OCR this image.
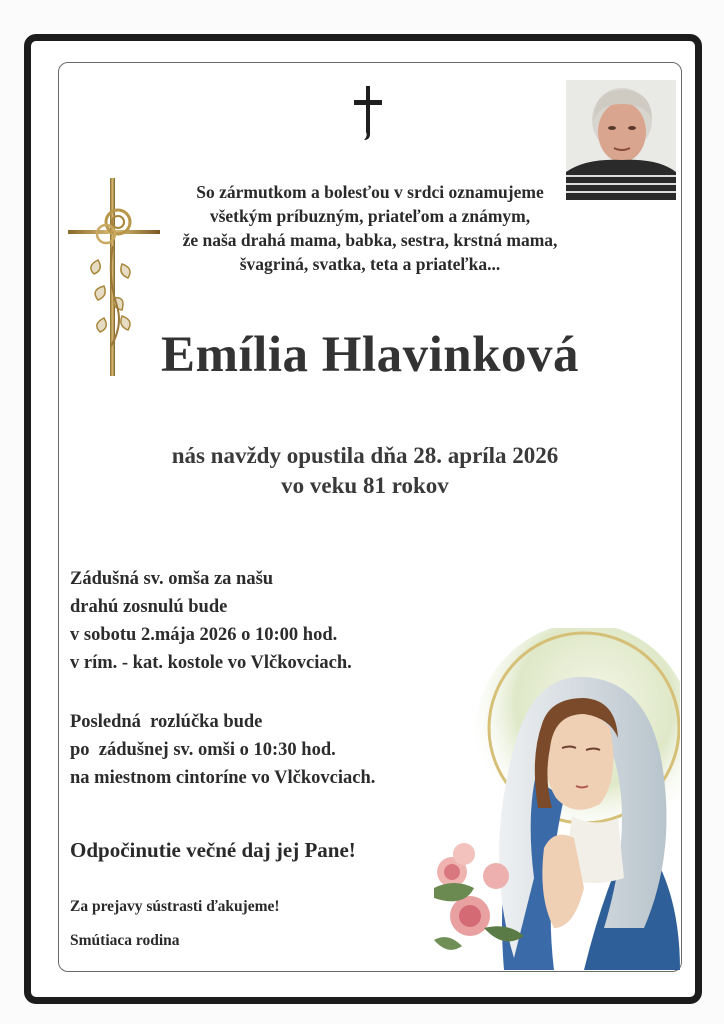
So zármutkom a bolesťou v srdci oznamujeme
všetkým príbuzným, priateľom a známym,
že naša drahá mama, babka, sestra, krstná mama,
švagriná, svatka, teta a priateľka...
Emília Hlavinková
nás navždy opustila dňa 28. apríla 2026
vo veku 81 rokov
Zádušná sv. omša za našu
drahú zosnulú bude
v sobotu 2.mája 2026 o 10:00 hod.
v rím. - kat. kostole vo Vlčkovciach.
Posledná  rozlúčka bude
po  zádušnej sv. omši o 10:30 hod.
na miestnom cintoríne vo Vlčkovciach.
Odpočinutie večné daj jej Pane!
Za prejavy sústrasti ďakujeme!
Smútiaca rodina
